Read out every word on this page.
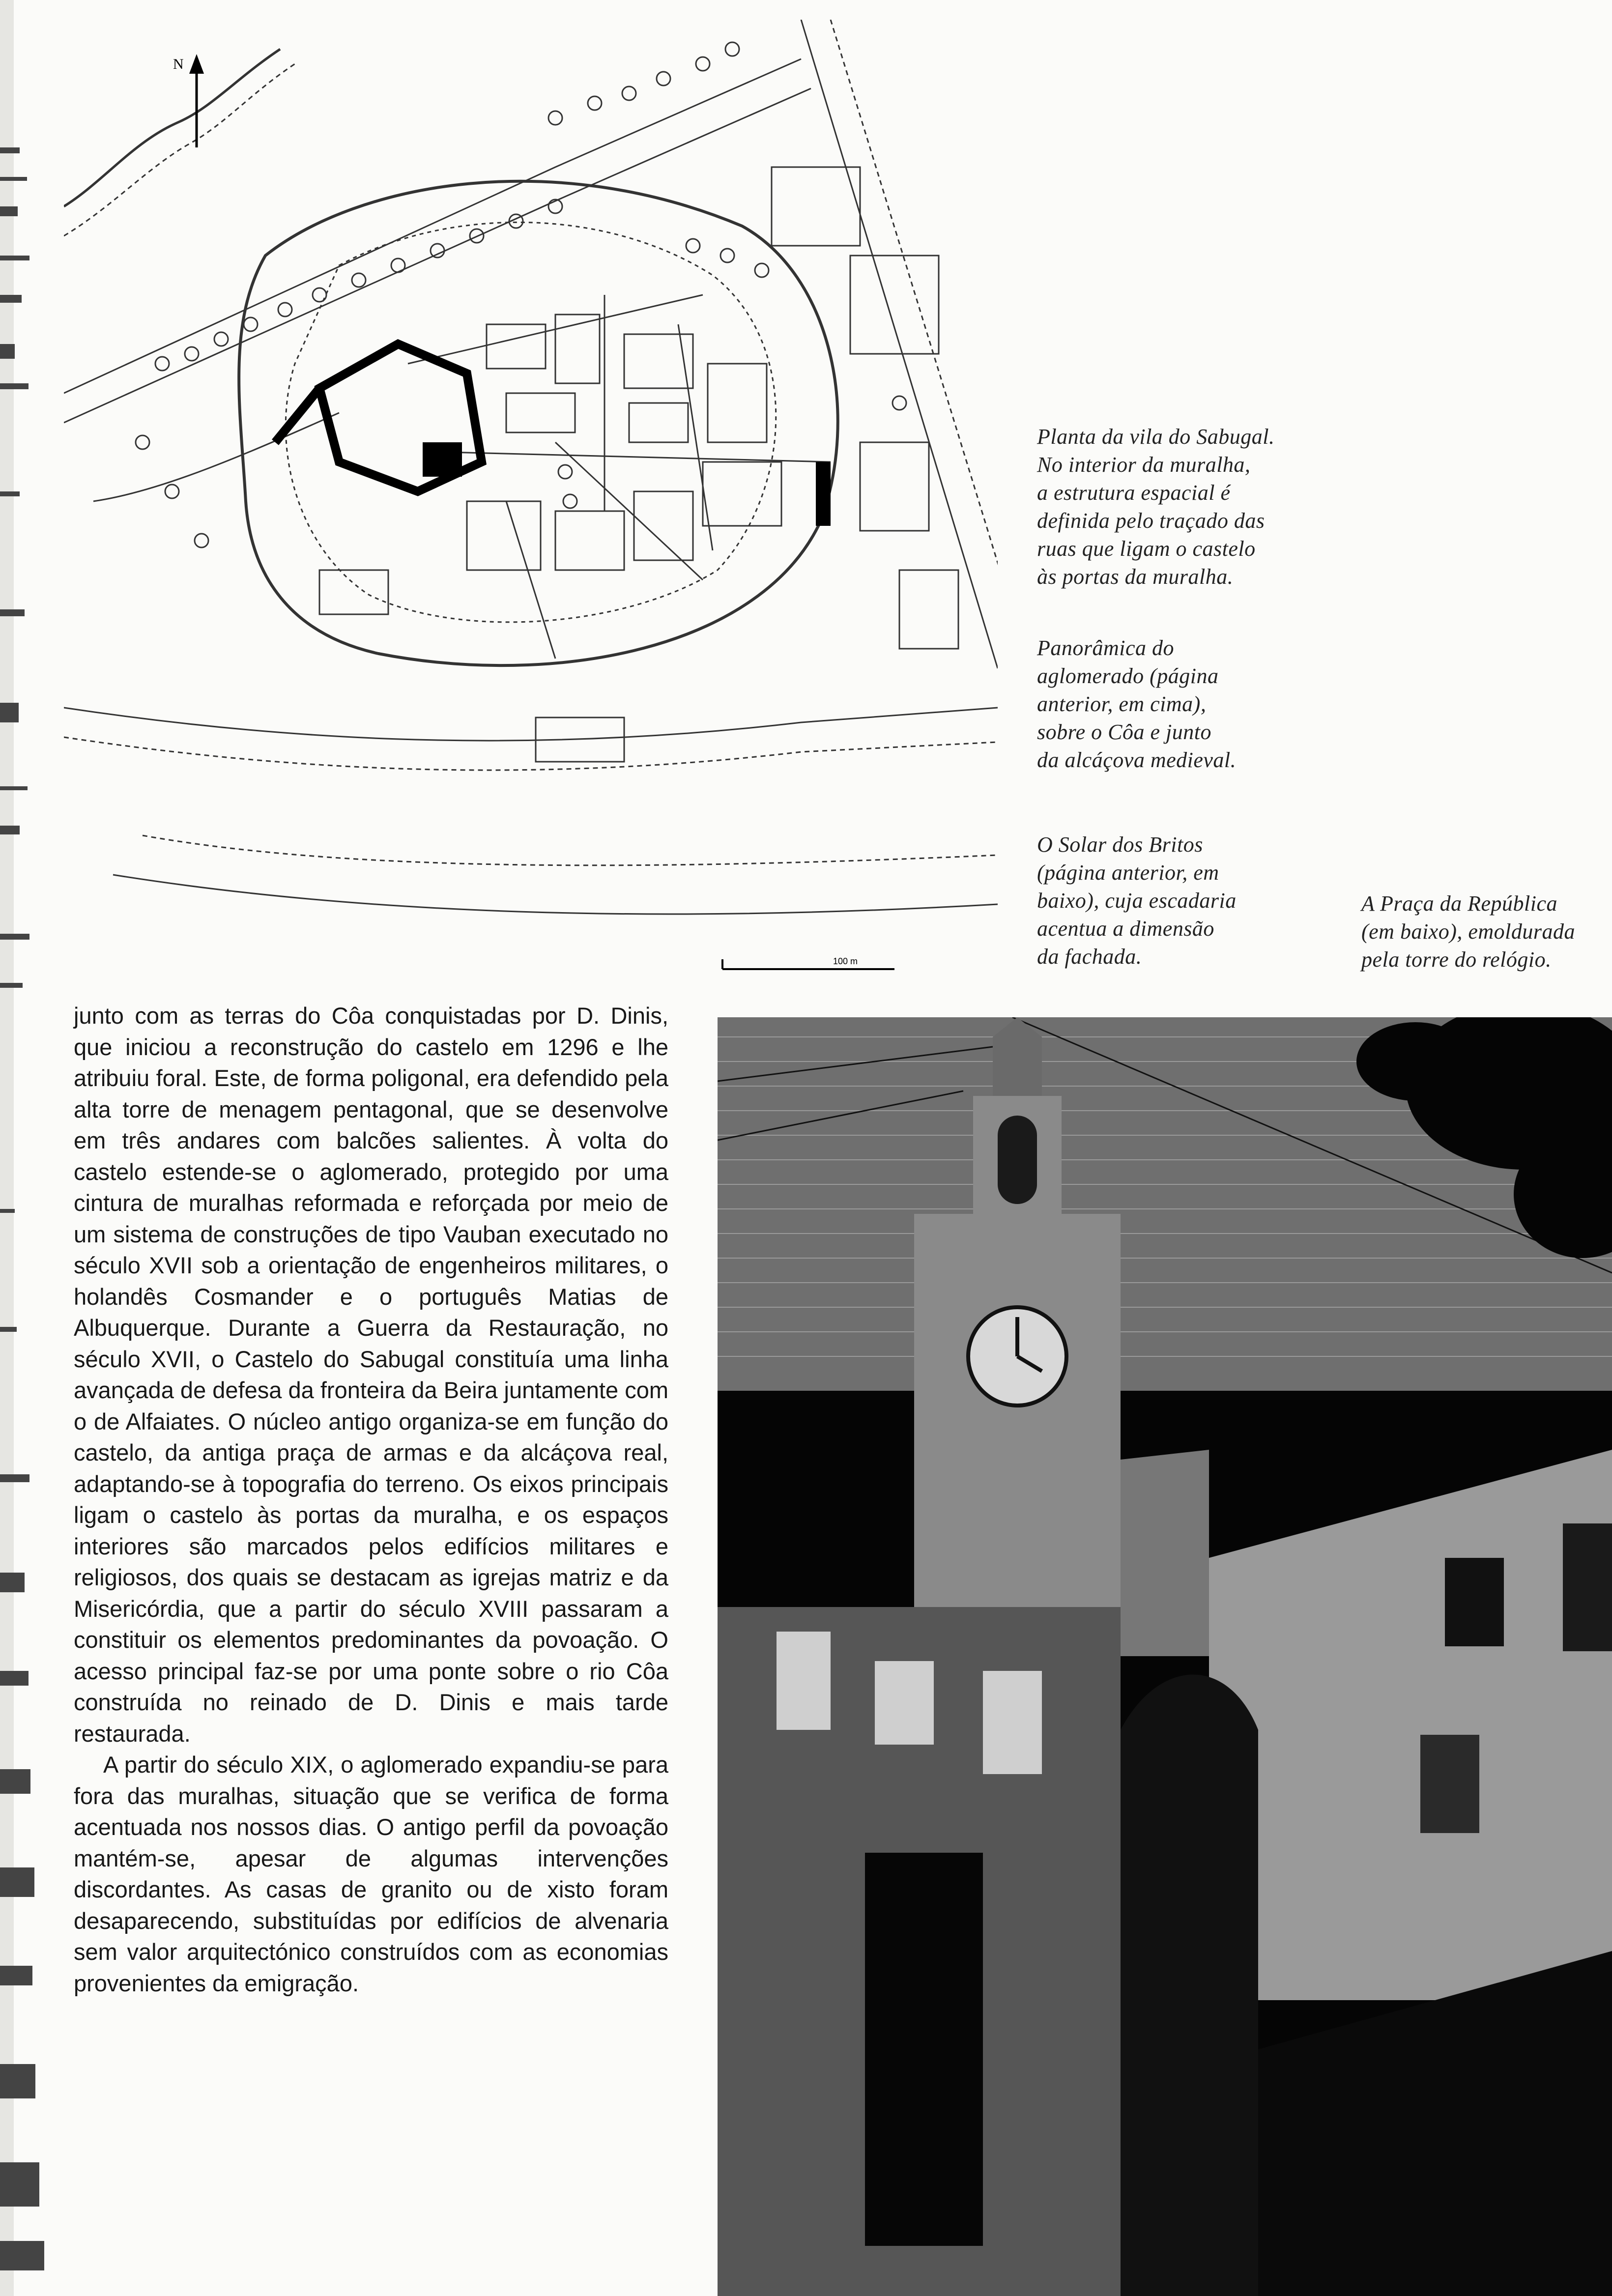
N
100 m

Planta da vila do Sabugal.
No interior da muralha,
a estrutura espacial é
definida pelo traçado das
ruas que ligam o castelo
às portas da muralha.

Panorâmica do
aglomerado (página
anterior, em cima),
sobre o Côa e junto
da alcáçova medieval.

O Solar dos Britos
(página anterior, em
baixo), cuja escadaria
acentua a dimensão
da fachada.

A Praça da República
(em baixo), emoldurada
pela torre do relógio.

junto com as terras do Côa conquistadas por D. Dinis, que iniciou a reconstrução do castelo em 1296 e lhe atribuiu foral. Este, de forma poligonal, era defendido pela alta torre de menagem pentagonal, que se desenvolve em três andares com balcões salientes. À volta do castelo estende-se o aglomerado, protegido por uma cintura de muralhas reformada e reforçada por meio de um sistema de construções de tipo Vauban executado no século XVII sob a orientação de engenheiros militares, o holandês Cosmander e o português Matias de Albuquerque. Durante a Guerra da Restauração, no século XVII, o Castelo do Sabugal constituía uma linha avançada de defesa da fronteira da Beira juntamente com o de Alfaiates. O núcleo antigo organiza-se em função do castelo, da antiga praça de armas e da alcáçova real, adaptando-se à topografia do terreno. Os eixos principais ligam o castelo às portas da muralha, e os espaços interiores são marcados pelos edifícios militares e religiosos, dos quais se destacam as igrejas matriz e da Misericórdia, que a partir do século XVIII passaram a constituir os elementos predominantes da povoação. O acesso principal faz-se por uma ponte sobre o rio Côa construída no reinado de D. Dinis e mais tarde restaurada.

A partir do século XIX, o aglomerado expandiu-se para fora das muralhas, situação que se verifica de forma acentuada nos nossos dias. O antigo perfil da povoação mantém-se, apesar de algumas intervenções discordantes. As casas de granito ou de xisto foram desaparecendo, substituídas por edifícios de alvenaria sem valor arquitectónico construídos com as economias provenientes da emigração.
